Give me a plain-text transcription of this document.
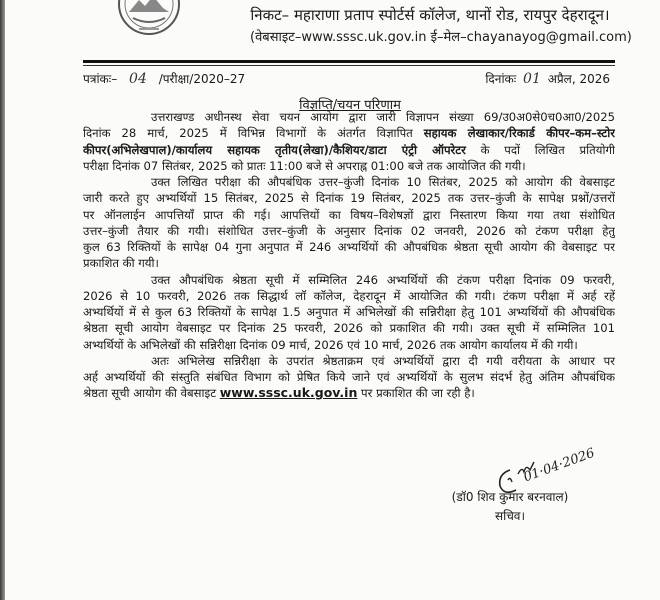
निकट– महाराणा प्रताप स्पोर्टर्स कॉलेज, थानों रोड, रायपुर देहरादून।
(वेबसाइट–www.sssc.uk.gov.in ई–मेल–chayanayog@gmail.com)
पत्रांकः– 04 /परीक्षा/2020–27	दिनांकः 01 अप्रैल, 2026
विज्ञप्ति/चयन परिणाम
उत्तराखण्ड अधीनस्थ सेवा चयन आयोग द्वारा जारी विज्ञापन संख्या 69/उ0अ0से0च0आ0/2025
दिनांक 28 मार्च, 2025 में विभिन्न विभागों के अंतर्गत विज्ञापित सहायक लेखाकार/रिकार्ड कीपर–कम–स्टोर
कीपर(अभिलेखपाल)/कार्यालय सहायक तृतीय(लेखा)/कैशियर/डाटा एंट्री ऑपरेटर के पदों लिखित प्रतियोगी
परीक्षा दिनांक 07 सितंबर, 2025 को प्रातः 11:00 बजे से अपराह्न 01:00 बजे तक आयोजित की गयी।
उक्त लिखित परीक्षा की औपबंधिक उत्तर–कुंजी दिनांक 10 सितंबर, 2025 को आयोग की वेबसाइट
जारी करते हुए अभ्यर्थियों 15 सितंबर, 2025 से दिनांक 19 सितंबर, 2025 तक उत्तर–कुंजी के सापेक्ष प्रश्नों/उत्तरों
पर ऑनलाईन आपत्तियाँ प्राप्त की गई। आपत्तियों का विषय–विशेषज्ञों द्वारा निस्तारण किया गया तथा संशोधित
उत्तर–कुंजी तैयार की गयी। संशोधित उत्तर–कुंजी के अनुसार दिनांक 02 जनवरी, 2026 को टंकण परीक्षा हेतु
कुल 63 रिक्तियों के सापेक्ष 04 गुना अनुपात में 246 अभ्यर्थियों की औपबंधिक श्रेष्ठता सूची आयोग की वेबसाइट पर
प्रकाशित की गयी।
उक्त औपबंधिक श्रेष्ठता सूची में सम्मिलित 246 अभ्यर्थियों की टंकण परीक्षा दिनांक 09 फरवरी,
2026 से 10 फरवरी, 2026 तक सिद्धार्थ लॉ कॉलेज, देहरादून में आयोजित की गयी। टंकण परीक्षा में अर्ह रहें
अभ्यर्थियों में से कुल 63 रिक्तियों के सापेक्ष 1.5 अनुपात में अभिलेखों की सन्निरीक्षा हेतु 101 अभ्यर्थियों की औपबंधिक
श्रेष्ठता सूची आयोग वेबसाइट पर दिनांक 25 फरवरी, 2026 को प्रकाशित की गयी। उक्त सूची में सम्मिलित 101
अभ्यर्थियों के अभिलेखों की सन्निरीक्षा दिनांक 09 मार्च, 2026 एवं 10 मार्च, 2026 तक आयोग कार्यालय में की गयी।
अतः अभिलेख सन्निरीक्षा के उपरांत श्रेष्ठताक्रम एवं अभ्यर्थियों द्वारा दी गयी वरीयता के आधार पर
अर्ह अभ्यर्थियों की संस्तुति संबंधित विभाग को प्रेषित किये जाने एवं अभ्यर्थियों के सुलभ संदर्भ हेतु अंतिम औपबंधिक
श्रेष्ठता सूची आयोग की वेबसाइट www.sssc.uk.gov.in पर प्रकाशित की जा रही है।
01·04·2026
(डॉ0 शिव कुमार बरनवाल)
सचिव।
